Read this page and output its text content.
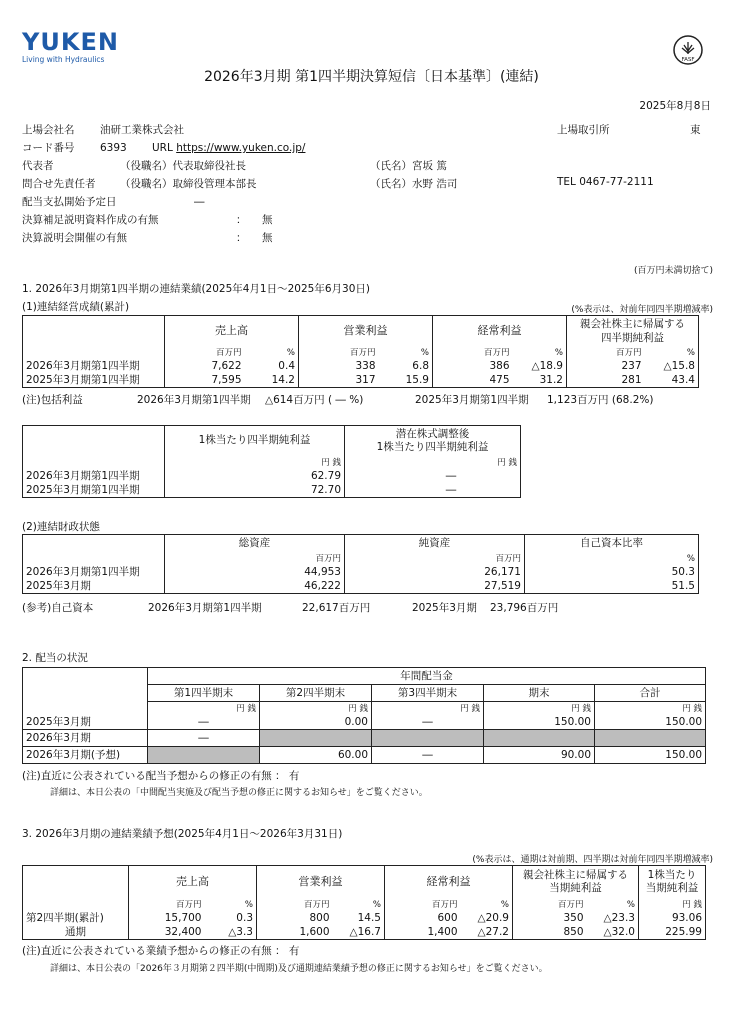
YUKEN
Living with Hydraulics	FASF
2026年3月期 第1四半期決算短信〔日本基準〕(連結)
2025年8月8日
上場会社名 油研工業株式会社	上場取引所	東
コード番号 6393 URL https://www.yuken.co.jp/
代表者	（役職名）代表取締役社長	（氏名）宮坂 篤
問合せ先責任者 （役職名）取締役管理本部長	（氏名）水野 浩司	TEL 0467-77-2111
配当支払開始予定日	―
決算補足説明資料作成の有無	： 無
決算説明会開催の有無	： 無
(百万円未満切捨て)
1. 2026年3月期第1四半期の連結業績(2025年4月1日～2025年6月30日)
(1)連結経営成績(累計)	(%表示は、対前年同四半期増減率)
	売上高		営業利益		経常利益		親会社株主に帰属する
四半期純利益	
	百万円	%	百万円	%	百万円	%	百万円	%
2026年3月期第1四半期	7,622	0.4	338	6.8	386	△18.9	237	△15.8
2025年3月期第1四半期	7,595	14.2	317	15.9	475	31.2	281	43.4
(注)包括利益	2026年3月期第1四半期 △614百万円 ( ― %)	2025年3月期第1四半期 1,123百万円 (68.2%)
	1株当たり四半期純利益	潜在株式調整後
1株当たり四半期純利益
	円 銭	円 銭
2026年3月期第1四半期	62.79	―
2025年3月期第1四半期	72.70	―
(2)連結財政状態
	総資産	純資産	自己資本比率
	百万円	百万円	%
2026年3月期第1四半期	44,953	26,171	50.3
2025年3月期	46,222	27,519	51.5
(参考)自己資本	2026年3月期第1四半期	22,617百万円	2025年3月期 23,796百万円
2. 配当の状況
	年間配当金				
	第1四半期末	第2四半期末	第3四半期末	期末	合計
	円 銭	円 銭	円 銭	円 銭	円 銭
2025年3月期	―	0.00	―	150.00	150.00
2026年3月期	―				
2026年3月期(予想)		60.00	―	90.00	150.00
(注)直近に公表されている配当予想からの修正の有無 ： 有
詳細は、本日公表の「中間配当実施及び配当予想の修正に関するお知らせ」をご覧ください。
3. 2026年3月期の連結業績予想(2025年4月1日～2026年3月31日)
(%表示は、通期は対前期、四半期は対前年同四半期増減率)
	売上高		営業利益		経常利益		親会社株主に帰属する
当期純利益		1株当たり
当期純利益
	百万円	%	百万円	%	百万円	%	百万円	%	円 銭
第2四半期(累計)	15,700	0.3	800	14.5	600	△20.9	350	△23.3	93.06
通期	32,400	△3.3	1,600	△16.7	1,400	△27.2	850	△32.0	225.99
(注)直近に公表されている業績予想からの修正の有無 ： 有
詳細は、本日公表の「2026年３月期第２四半期(中間期)及び通期連結業績予想の修正に関するお知らせ」をご覧ください。
